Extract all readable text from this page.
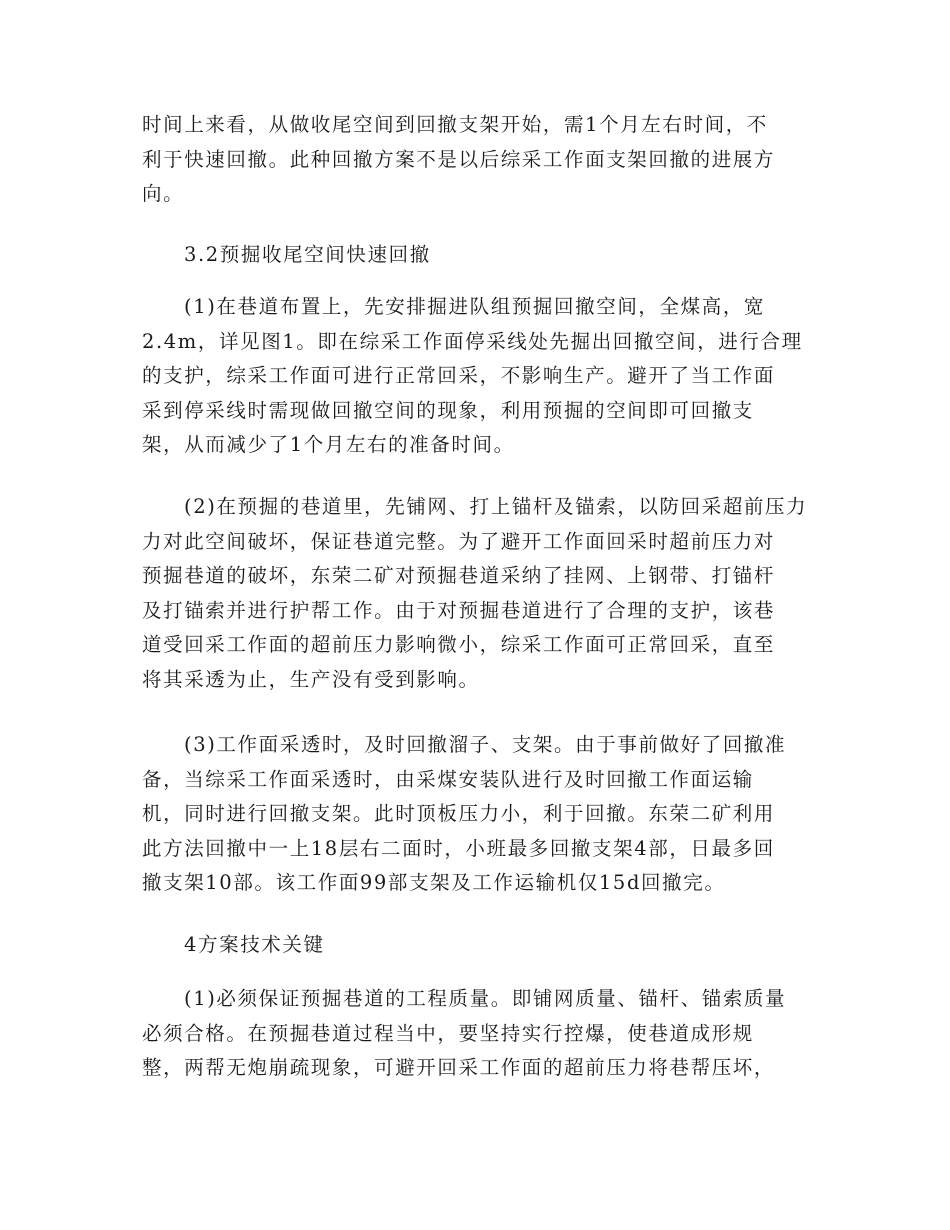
时间上来看，从做收尾空间到回撤支架开始，需1个月左右时间，不
利于快速回撤。此种回撤方案不是以后综采工作面支架回撤的进展方
向。
3.2预掘收尾空间快速回撤
(1)在巷道布置上，先安排掘进队组预掘回撤空间，全煤高，宽
2.4m，详见图1。即在综采工作面停采线处先掘出回撤空间，进行合理
的支护，综采工作面可进行正常回采，不影响生产。避开了当工作面
采到停采线时需现做回撤空间的现象，利用预掘的空间即可回撤支
架，从而减少了1个月左右的准备时间。
(2)在预掘的巷道里，先铺网、打上锚杆及锚索，以防回采超前压力
力对此空间破坏，保证巷道完整。为了避开工作面回采时超前压力对
预掘巷道的破坏，东荣二矿对预掘巷道采纳了挂网、上钢带、打锚杆
及打锚索并进行护帮工作。由于对预掘巷道进行了合理的支护，该巷
道受回采工作面的超前压力影响微小，综采工作面可正常回采，直至
将其采透为止，生产没有受到影响。
(3)工作面采透时，及时回撤溜子、支架。由于事前做好了回撤准
备，当综采工作面采透时，由采煤安装队进行及时回撤工作面运输
机，同时进行回撤支架。此时顶板压力小，利于回撤。东荣二矿利用
此方法回撤中一上18层右二面时，小班最多回撤支架4部，日最多回
撤支架10部。该工作面99部支架及工作运输机仅15d回撤完。
4方案技术关键
(1)必须保证预掘巷道的工程质量。即铺网质量、锚杆、锚索质量
必须合格。在预掘巷道过程当中，要坚持实行控爆，使巷道成形规
整，两帮无炮崩疏现象，可避开回采工作面的超前压力将巷帮压坏，
